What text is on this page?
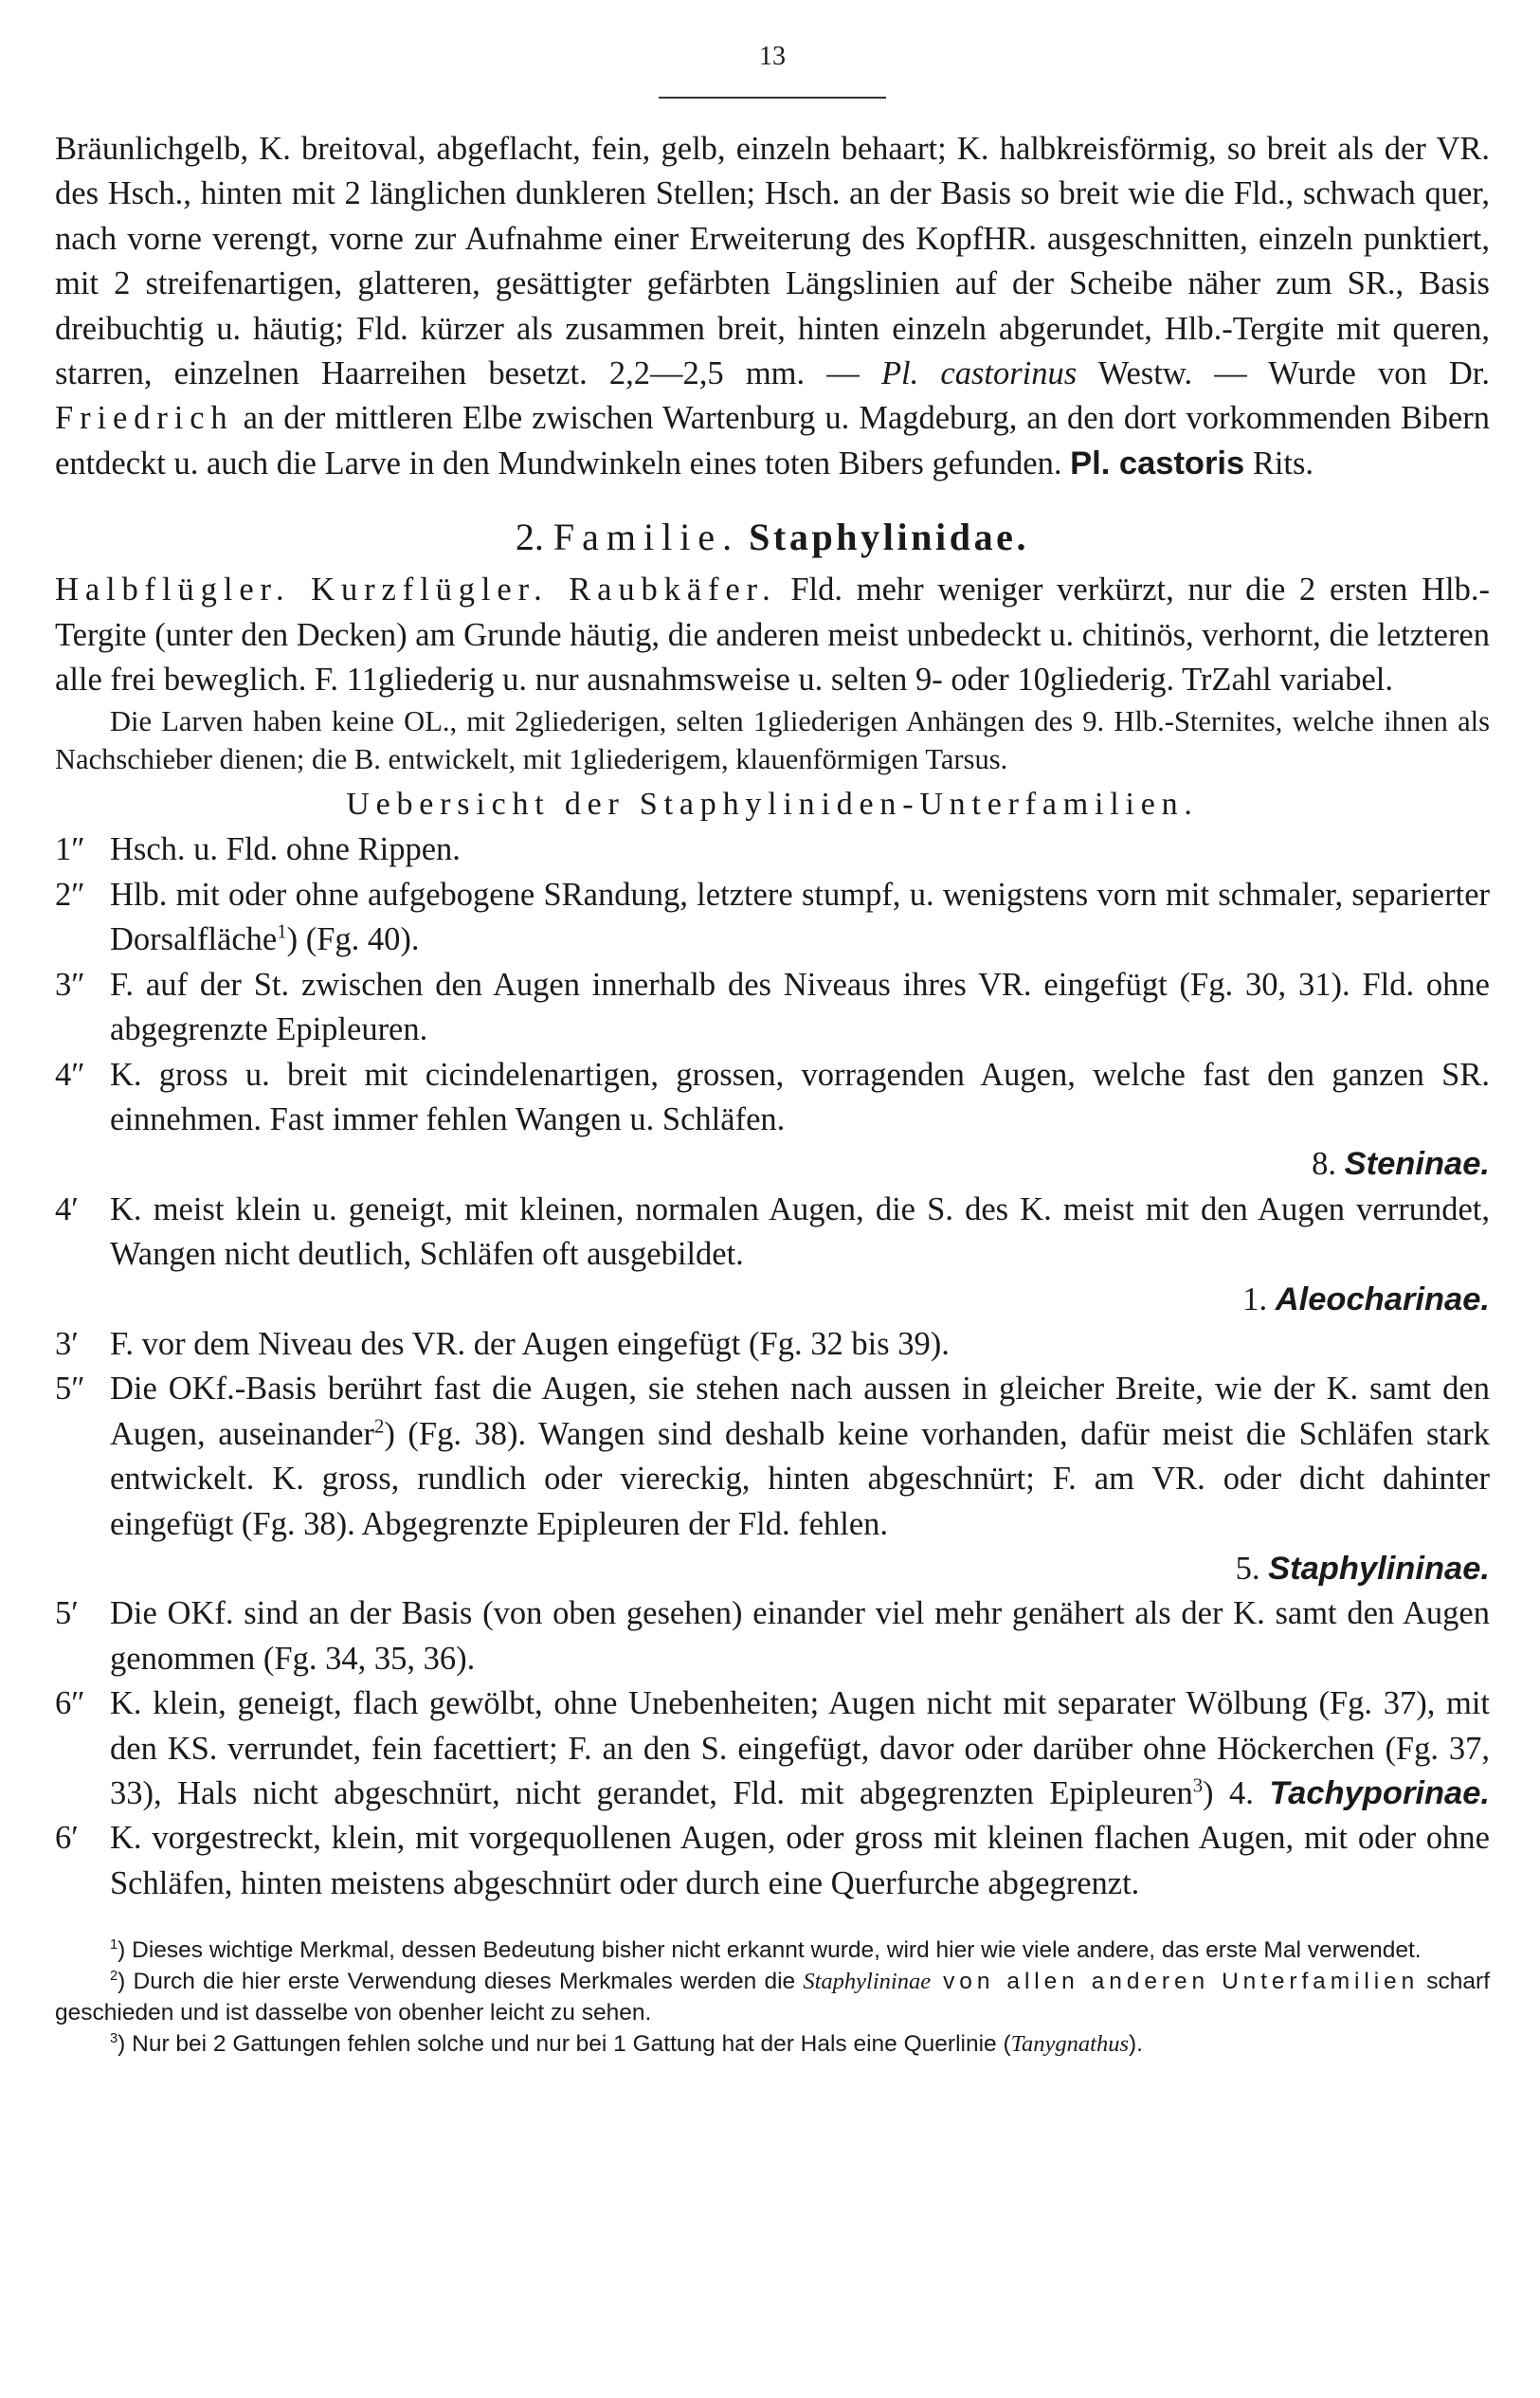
13

Bräunlichgelb, K. breitoval, abgeflacht, fein, gelb, einzeln behaart; K. halbkreisförmig, so breit als der VR. des Hsch., hinten mit 2 länglichen dunkleren Stellen; Hsch. an der Basis so breit wie die Fld., schwach quer, nach vorne verengt, vorne zur Aufnahme einer Erweiterung des KopfHR. ausgeschnitten, einzeln punktiert, mit 2 streifenartigen, glatteren, gesättigter gefärbten Längslinien auf der Scheibe näher zum SR., Basis dreibuchtig u. häutig; Fld. kürzer als zusammen breit, hinten einzeln abgerundet, Hlb.-Tergite mit queren, starren, einzelnen Haarreihen besetzt. 2,2—2,5 mm. — Pl. castorinus Westw. — Wurde von Dr. Friedrich an der mittleren Elbe zwischen Wartenburg u. Magdeburg, an den dort vorkommenden Bibern entdeckt u. auch die Larve in den Mundwinkeln eines toten Bibers gefunden. Pl. castoris Rits.

2. Familie. Staphylinidae.

Halbflügler. Kurzflügler. Raubkäfer. Fld. mehr weniger verkürzt, nur die 2 ersten Hlb.-Tergite (unter den Decken) am Grunde häutig, die anderen meist unbedeckt u. chitinös, verhornt, die letzteren alle frei beweglich. F. 11gliederig u. nur ausnahmsweise u. selten 9- oder 10gliederig. TrZahl variabel.

Die Larven haben keine OL., mit 2gliederigen, selten 1gliederigen Anhängen des 9. Hlb.-Sternites, welche ihnen als Nachschieber dienen; die B. entwickelt, mit 1gliederigem, klauenförmigen Tarsus.

Uebersicht der Staphyliniden-Unterfamilien.
1″ Hsch. u. Fld. ohne Rippen.
2″ Hlb. mit oder ohne aufgebogene SRandung, letztere stumpf, u. wenigstens vorn mit schmaler, separierter Dorsalfläche$^1$) (Fg. 40).
3″ F. auf der St. zwischen den Augen innerhalb des Niveaus ihres VR. eingefügt (Fg. 30, 31). Fld. ohne abgegrenzte Epipleuren.
4″ K. gross u. breit mit cicindelenartigen, grossen, vorragenden Augen, welche fast den ganzen SR. einnehmen. Fast immer fehlen Wangen u. Schläfen.
8. Steninae.
4′ K. meist klein u. geneigt, mit kleinen, normalen Augen, die S. des K. meist mit den Augen verrundet, Wangen nicht deutlich, Schläfen oft ausgebildet.
1. Aleocharinae.
3′ F. vor dem Niveau des VR. der Augen eingefügt (Fg. 32 bis 39).
5″ Die OKf.-Basis berührt fast die Augen, sie stehen nach aussen in gleicher Breite, wie der K. samt den Augen, auseinander$^2$) (Fg. 38). Wangen sind deshalb keine vorhanden, dafür meist die Schläfen stark entwickelt. K. gross, rundlich oder viereckig, hinten abgeschnürt; F. am VR. oder dicht dahinter eingefügt (Fg. 38). Abgegrenzte Epipleuren der Fld. fehlen.
5. Staphylininae.
5′ Die OKf. sind an der Basis (von oben gesehen) einander viel mehr genähert als der K. samt den Augen genommen (Fg. 34, 35, 36).
6″ K. klein, geneigt, flach gewölbt, ohne Unebenheiten; Augen nicht mit separater Wölbung (Fg. 37), mit den KS. verrundet, fein facettiert; F. an den S. eingefügt, davor oder darüber ohne Höckerchen (Fg. 37, 33), Hals nicht abgeschnürt, nicht gerandet, Fld. mit abgegrenzten Epipleuren$^3$) 4. Tachyporinae.
6′ K. vorgestreckt, klein, mit vorgequollenen Augen, oder gross mit kleinen flachen Augen, mit oder ohne Schläfen, hinten meistens abgeschnürt oder durch eine Querfurche abgegrenzt.

$^1$) Dieses wichtige Merkmal, dessen Bedeutung bisher nicht erkannt wurde, wird hier wie viele andere, das erste Mal verwendet.

$^2$) Durch die hier erste Verwendung dieses Merkmales werden die Staphylininae von allen anderen Unterfamilien scharf geschieden und ist dasselbe von obenher leicht zu sehen.

$^3$) Nur bei 2 Gattungen fehlen solche und nur bei 1 Gattung hat der Hals eine Querlinie (Tanygnathus).
